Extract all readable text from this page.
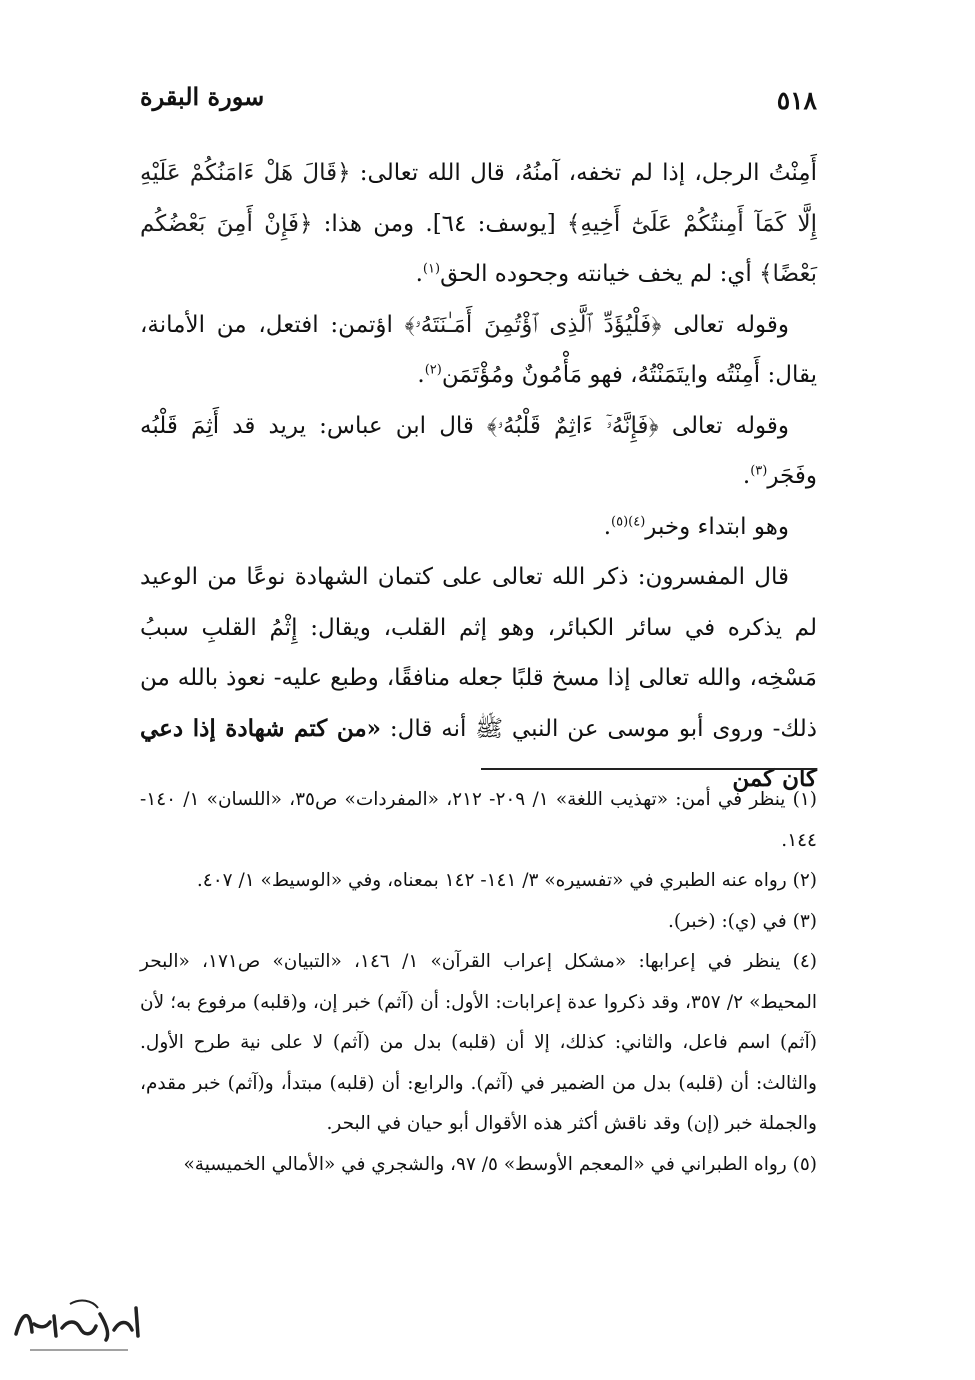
٥١٨
سورة البقرة

أَمِنْتُ الرجل، إذا لم تخفه، آمنُهُ، قال الله تعالى: ﴿قَالَ هَلْ ءَامَنُكُمْ عَلَيْهِ إِلَّا كَمَآ أَمِنتُكُمْ عَلَىٰٓ أَخِيهِ﴾ [يوسف: ٦٤]. ومن هذا: ﴿فَإِنْ أَمِنَ بَعْضُكُم بَعْضًا﴾ أي: لم يخف خيانته وجحوده الحق$^{(١)}$.

وقوله تعالى ﴿فَلْيُؤَدِّ ٱلَّذِى ٱؤْتُمِنَ أَمَـٰنَتَهُۥ﴾ اؤتمن: افتعل، من الأمانة، يقال: أَمِنْتُه وايتَمَنْتُهُ، فهو مَأْمُونٌ ومُؤْتَمَن$^{(٢)}$.

وقوله تعالى ﴿فَإِنَّهُۥٓ ءَاثِمٌ قَلْبُهُۥ﴾ قال ابن عباس: يريد قد أَثِمَ قَلْبُه وفَجَر$^{(٣)}$.

وهو ابتداء وخبر$^{(٤)(٥)}$.

قال المفسرون: ذكر الله تعالى على كتمان الشهادة نوعًا من الوعيد لم يذكره في سائر الكبائر، وهو إثم القلب، ويقال: إِثْمُ القلبِ سببُ مَسْخِه، والله تعالى إذا مسخ قلبًا جعله منافقًا، وطبع عليه- نعوذ بالله من ذلك- وروى أبو موسى عن النبي ﷺ أنه قال: «من كتم شهادة إذا دعي كان كمن

(١) ينظر في أمن: «تهذيب اللغة» ١/ ٢٠٩- ٢١٢، «المفردات» ص٣٥، «اللسان» ١/ ١٤٠- ١٤٤.

(٢) رواه عنه الطبري في «تفسيره» ٣/ ١٤١- ١٤٢ بمعناه، وفي «الوسيط» ١/ ٤٠٧.

(٣) في (ي): (خبر).

(٤) ينظر في إعرابها: «مشكل إعراب القرآن» ١/ ١٤٦، «التبيان» ص١٧١، «البحر المحيط» ٢/ ٣٥٧، وقد ذكروا عدة إعرابات: الأول: أن (آثم) خبر إن، و(قلبه) مرفوع به؛ لأن (آثم) اسم فاعل، والثاني: كذلك، إلا أن (قلبه) بدل من (آثم) لا على نية طرح الأول. والثالث: أن (قلبه) بدل من الضمير في (آثم). والرابع: أن (قلبه) مبتدأ، و(آثم) خبر مقدم، والجملة خبر (إن) وقد ناقش أكثر هذه الأقوال أبو حيان في البحر.

(٥) رواه الطبراني في «المعجم الأوسط» ٥/ ٩٧، والشجري في «الأمالي الخميسية»
